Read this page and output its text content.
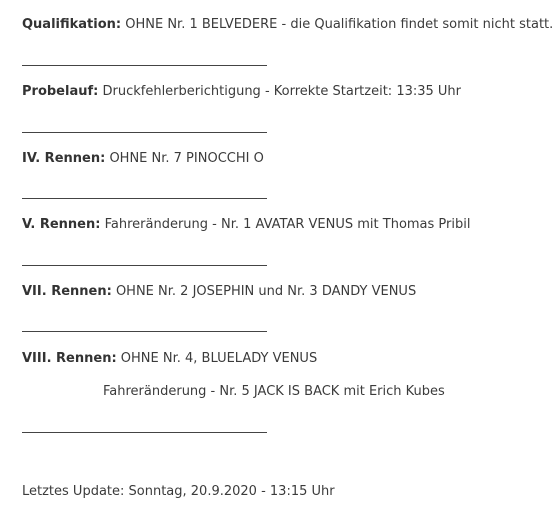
Qualifikation: OHNE Nr. 1 BELVEDERE - die Qualifikation findet somit nicht statt.
Probelauf: Druckfehlerberichtigung - Korrekte Startzeit: 13:35 Uhr
IV. Rennen: OHNE Nr. 7 PINOCCHI O
V. Rennen: Fahreränderung - Nr. 1 AVATAR VENUS mit Thomas Pribil
VII. Rennen: OHNE Nr. 2 JOSEPHIN und Nr. 3 DANDY VENUS
VIII. Rennen: OHNE Nr. 4, BLUELADY VENUS
Fahreränderung - Nr. 5 JACK IS BACK mit Erich Kubes
Letztes Update: Sonntag, 20.9.2020 - 13:15 Uhr
